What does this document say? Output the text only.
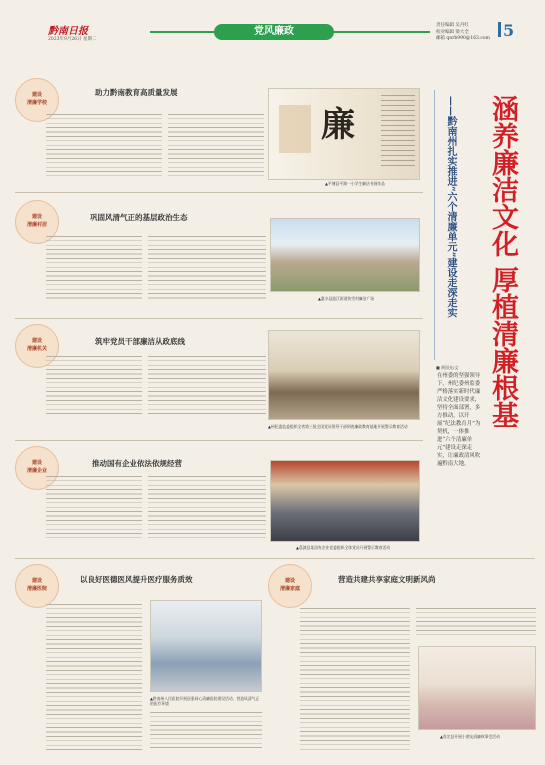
黔南日报
2023年9月26日 星期二
党风廉政
责任编辑 吴丹红
校对编辑 梁大全
邮箱 qnrb990@163.com 5
建设
清廉学校
助力黔南教育高质量发展
廉
▲平塘县平湖一小学生廉洁书画作品
建设
清廉村居
巩固风清气正的基层政治生态
▲惠水县涟江街道快雪村廉洁广场
建设
清廉机关
筑牢党员干部廉洁从政底线
▲州纪委监委组织全省第三批全国党员领导干部到省廉政教育基地开展警示教育活动
建设
清廉企业
推动国有企业依法依规经营
▲荔波县某国有企业党委组织全体党员开展警示教育活动
建设
清廉医院
以良好医德医风提升医疗服务质效
▲黔南州人民医院开展医患同心清廉医院建设活动，营造风清气正的医疗环境
建设
清廉家庭
营造共建共享家庭文明新风尚
▲贵定县开展小朋友清廉故事会活动
涵养廉洁文化 厚植清廉根基
——黔南州扎实推进“六个清廉单元”建设走深走实
■ 黄国光/文
在州委的坚强领导下，州纪委州监委严格落实新时代廉洁文化建设要求，坚持全面部署，多方推动，以开展“纪法教育月”为契机，一体推进“六个清廉单元”建设走深走实，让廉政清风吹遍黔南大地。
